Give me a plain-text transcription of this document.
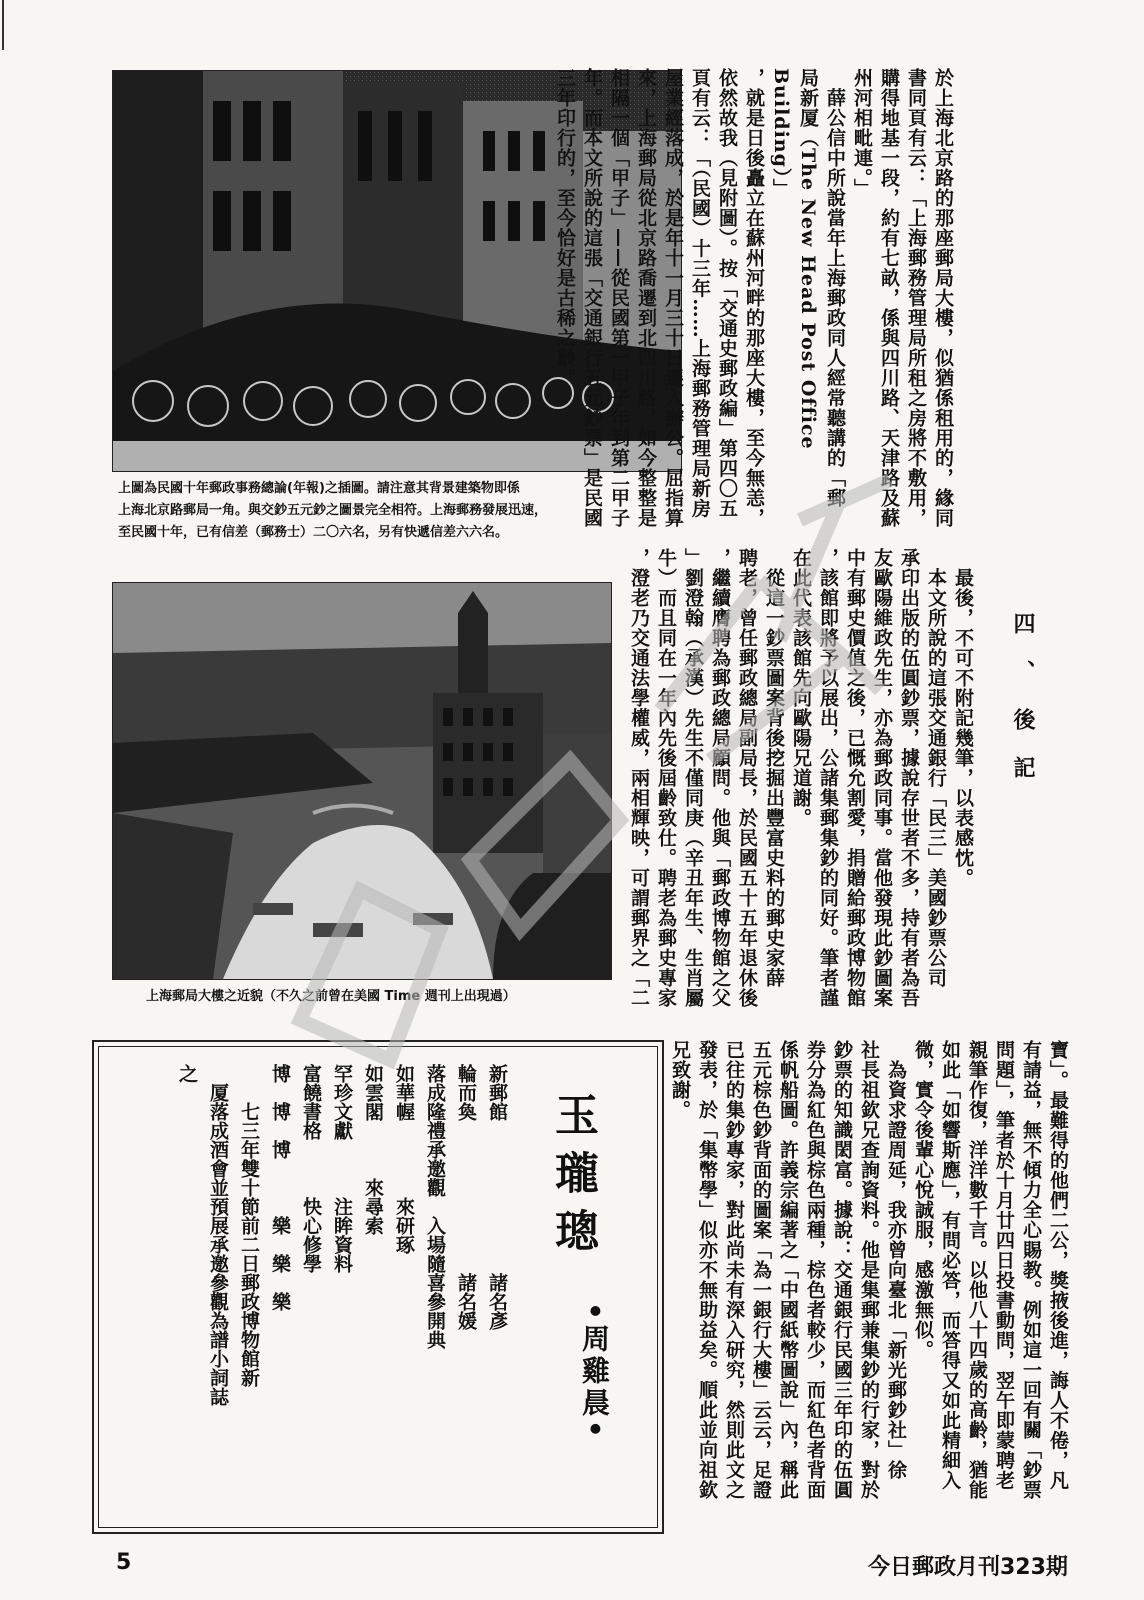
上圖為民國十年郵政事務總論(年報)之插圖。請注意其背景建築物即係
上海北京路郵局一角。與交鈔五元鈔之圖景完全相符。上海郵務發展迅速，
至民國十年，已有信差（郵務士）二〇六名，另有快遞信差六六名。
上海郵局大樓之近貌（不久之前曾在美國 Time 週刊上出現過）
於上海北京路的那座郵局大樓，似猶係租用的，緣同
書同頁有云：「上海郵務管理局所租之房將不敷用，
購得地基一段，約有七畝，係與四川路、天津路及蘇
州河相毗連。」
　薛公信中所說當年上海郵政同人經常聽講的「郵
局新厦（The New Head Post Office Building）」
，就是日後矗立在蘇州河畔的那座大樓，至今無恙，
依然故我（見附圖）。按「交通史郵政編」第四〇五
頁有云：「（民國）十三年……上海郵務管理局新房
屋業經落成，於是年十一月三十日遷入辦公。屈指算
來，上海郵局從北京路喬遷到北四川路，如今整整是
相隔一個「甲子」——從民國第一甲子年到第二甲子
年。而本文所說的這張「交通銀行五元鈔票」是民國
三年印行的，至今恰好是古稀之齡。
四、後記
　最後，不可不附記幾筆，以表感忱。
　本文所說的這張交通銀行「民三」美國鈔票公司
承印出版的伍圓鈔票，據說存世者不多，持有者為吾
友歐陽維政先生，亦為郵政同事。當他發現此鈔圖案
中有郵史價值之後，已慨允割愛，捐贈給郵政博物館
，該館即將予以展出，公諸集郵集鈔的同好。筆者謹
在此代表該館先向歐陽兄道謝。
　從這一鈔票圖案背後挖掘出豐富史料的郵史家薛
聘老，曾任郵政總局副局長，於民國五十五年退休後
，繼續膺聘為郵政總局顧問。他與「郵政博物館之父
」劉澄翰（承漢）先生不僅同庚（辛丑年生、生肖屬
牛）而且同在一年內先後屆齡致仕。聘老為郵史專家
，澄老乃交通法學權威，兩相輝映，可謂郵界之「二
寶」。最難得的他們二公，獎掖後進，誨人不倦，凡
有請益，無不傾力全心賜教。例如這一回有關「鈔票
問題」，筆者於十月廿四日投書動問，翌午即蒙聘老
親筆作復，洋洋數千言。以他八十四歲的高齡，猶能
如此「如響斯應」，有問必答，而答得又如此精細入
微，實令後輩心悅誠服，感激無似。
　為資求證周延，我亦曾向臺北「新光郵鈔社」徐
社長祖欽兄查詢資料。他是集郵兼集鈔的行家，對於
鈔票的知識閎富。據說：交通銀行民國三年印的伍圓
券分為紅色與棕色兩種，棕色者較少，而紅色者背面
係帆船圖。許義宗編著之「中國紙幣圖說」內，稱此
五元棕色鈔背面的圖案「為一銀行大樓」云云，足證
已往的集鈔專家，對此尚未有深入研究，然則此文之
發表，於「集幣學」似亦不無助益矣。順此並向祖欽
兄致謝。
玉瓏璁
•周雞晨•
新郵館　　　　　　　　諸名彥
輪而奐　　　　　　　　諸名媛
落成隆禮承邀觀　入場隨喜參開典
如華幄　　　　來研琢
如雲閣　　　來尋索
罕珍文獻　　　注眸資料
富饒書格　　　快心修學
博　博　博　　　樂　樂　樂
　　七三年雙十節前二日郵政博物館新
　厦落成酒會並預展承邀參觀為譜小詞誌
之
5	今日郵政月刊323期
